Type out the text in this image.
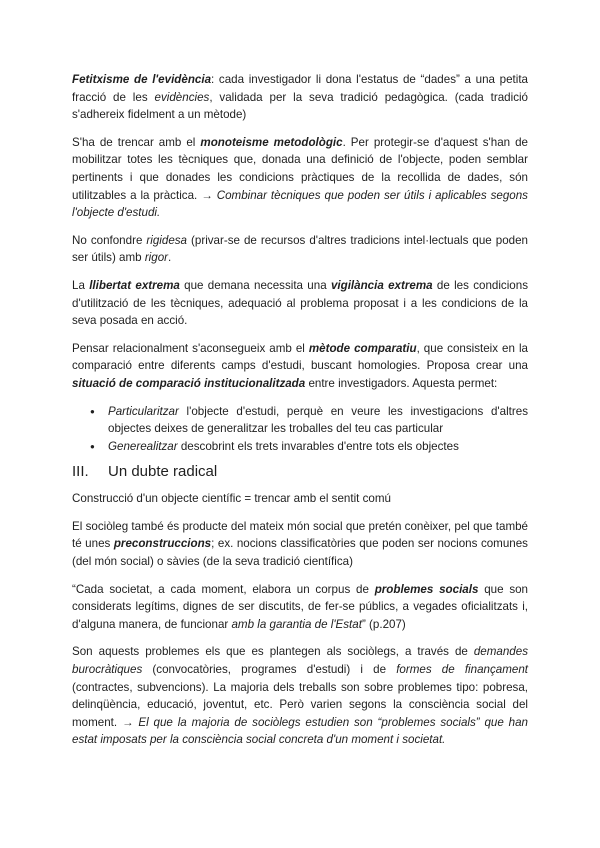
Fetitxisme de l'evidència: cada investigador li dona l'estatus de “dades” a una petita fracció de les evidències, validada per la seva tradició pedagògica. (cada tradició s'adhereix fidelment a un mètode)

S'ha de trencar amb el monoteisme metodològic. Per protegir-se d'aquest s'han de mobilitzar totes les tècniques que, donada una definició de l'objecte, poden semblar pertinents i que donades les condicions pràctiques de la recollida de dades, són utilitzables a la pràctica. → Combinar tècniques que poden ser útils i aplicables segons l'objecte d'estudi.

No confondre rigidesa (privar-se de recursos d'altres tradicions intel·lectuals que poden ser útils) amb rigor.

La llibertat extrema que demana necessita una vigilància extrema de les condicions d'utilització de les tècniques, adequació al problema proposat i a les condicions de la seva posada en acció.

Pensar relacionalment s'aconsegueix amb el mètode comparatiu, que consisteix en la comparació entre diferents camps d'estudi, buscant homologies. Proposa crear una situació de comparació institucionalitzada entre investigadors. Aquesta permet:

● Particularitzar l'objecte d'estudi, perquè en veure les investigacions d'altres objectes deixes de generalitzar les troballes del teu cas particular
● Generealitzar descobrint els trets invarables d'entre tots els objectes
III.	Un dubte radical

Construcció d'un objecte científic = trencar amb el sentit comú

El sociòleg també és producte del mateix món social que pretén conèixer, pel que també té unes preconstruccions; ex. nocions classificatòries que poden ser nocions comunes (del món social) o sàvies (de la seva tradició científica)

“Cada societat, a cada moment, elabora un corpus de problemes socials que son considerats legítims, dignes de ser discutits, de fer-se públics, a vegades oficialitzats i, d'alguna manera, de funcionar amb la garantia de l'Estat” (p.207)

Son aquests problemes els que es plantegen als sociòlegs, a través de demandes burocràtiques (convocatòries, programes d'estudi) i de formes de finançament (contractes, subvencions). La majoria dels treballs son sobre problemes tipo: pobresa, delinqüència, educació, joventut, etc. Però varien segons la consciència social del moment. → El que la majoria de sociòlegs estudien son “problemes socials” que han estat imposats per la consciència social concreta d'un moment i societat.
